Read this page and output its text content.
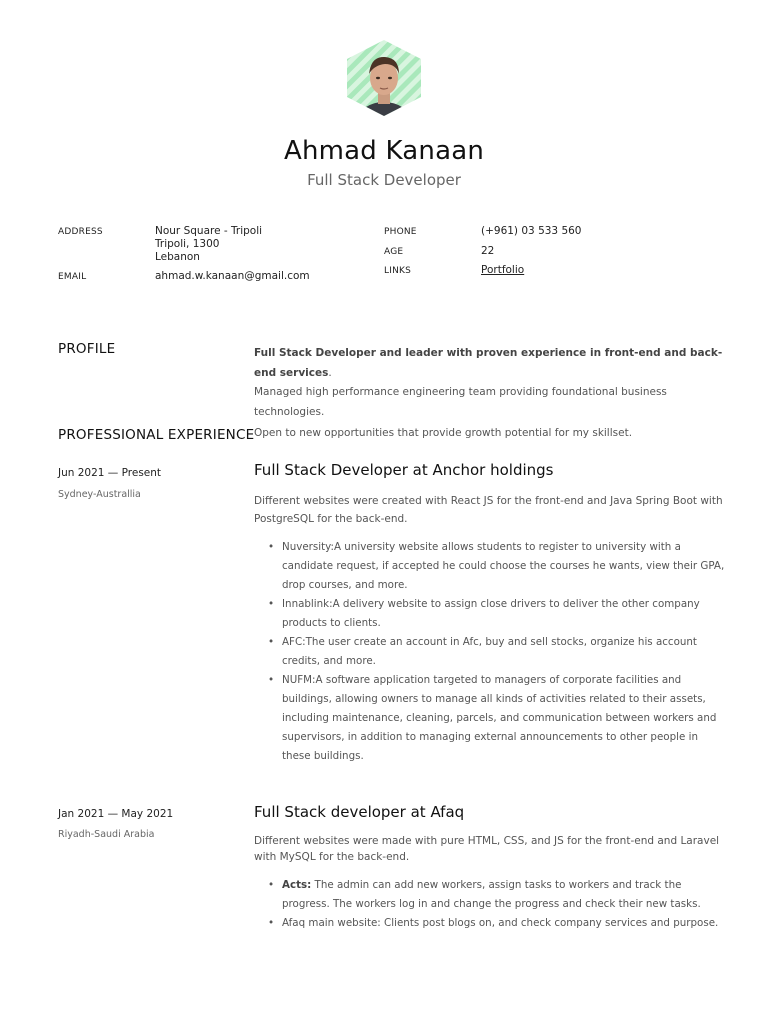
Ahmad Kanaan
Full Stack Developer
ADDRESS	Nour Square - Tripoli
Tripoli, 1300
Lebanon
EMAIL	ahmad.w.kanaan@gmail.com
PHONE	(+961) 03 533 560
AGE	22
LINKS	Portfolio
PROFILE	Full Stack Developer and leader with proven experience in front-end and back-end services.

Managed high performance engineering team providing foundational business technologies.

Open to new opportunities that provide growth potential for my skillset.

PROFESSIONAL EXPERIENCE
Jun 2021 — Present
Sydney-Australlia
Full Stack Developer at Anchor holdings
Different websites were created with React JS for the front-end and Java Spring Boot with PostgreSQL for the back-end.
• Nuversity:A university website allows students to register to university with a candidate request, if accepted he could choose the courses he wants, view their GPA, drop courses, and more.
• Innablink:A delivery website to assign close drivers to deliver the other company products to clients.
• AFC:The user create an account in Afc, buy and sell stocks, organize his account credits, and more.
• NUFM:A software application targeted to managers of corporate facilities and buildings, allowing owners to manage all kinds of activities related to their assets, including maintenance, cleaning, parcels, and communication between workers and supervisors, in addition to managing external announcements to other people in these buildings.
Jan 2021 — May 2021
Riyadh-Saudi Arabia
Full Stack developer at Afaq
Different websites were made with pure HTML, CSS, and JS for the front-end and Laravel with MySQL for the back-end.
• Acts: The admin can add new workers, assign tasks to workers and track the progress. The workers log in and change the progress and check their new tasks.
• Afaq main website: Clients post blogs on, and check company services and purpose.
